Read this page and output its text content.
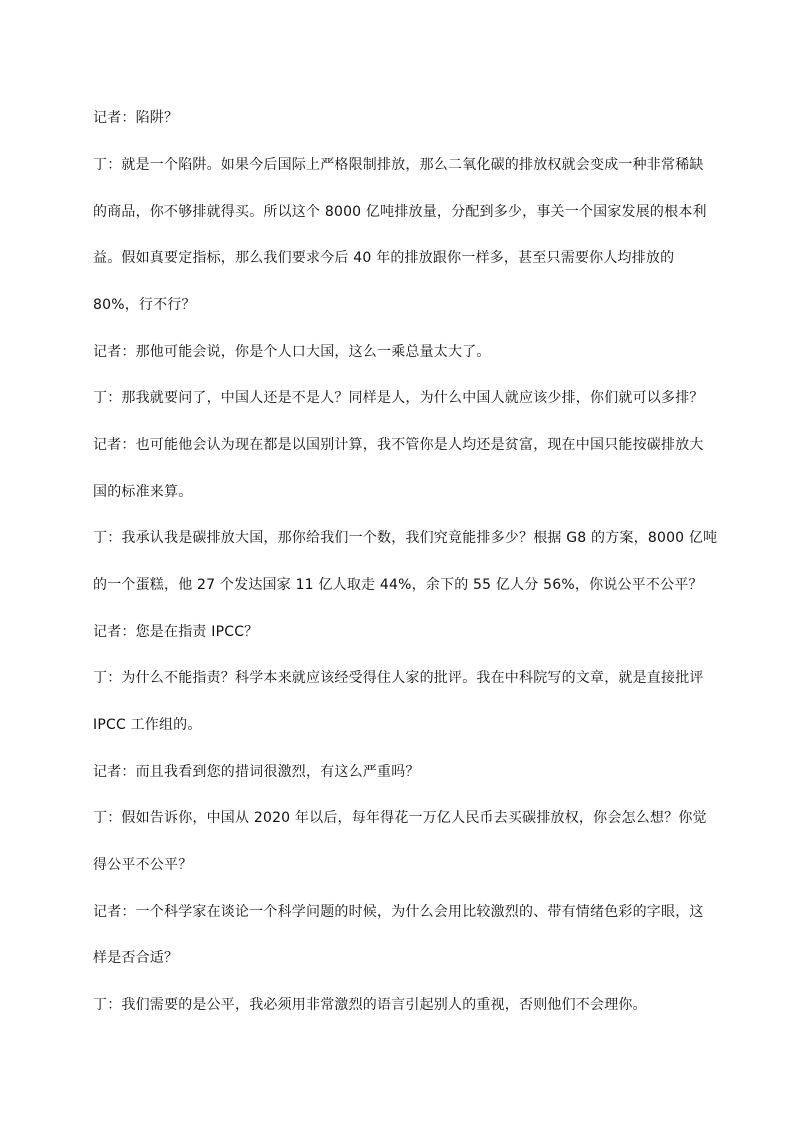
记者：陷阱？
丁：就是一个陷阱。如果今后国际上严格限制排放，那么二氧化碳的排放权就会变成一种非常稀缺
的商品，你不够排就得买。所以这个 8000 亿吨排放量，分配到多少，事关一个国家发展的根本利
益。假如真要定指标，那么我们要求今后 40 年的排放跟你一样多，甚至只需要你人均排放的
80%，行不行？
记者：那他可能会说，你是个人口大国，这么一乘总量太大了。
丁：那我就要问了，中国人还是不是人？同样是人，为什么中国人就应该少排，你们就可以多排？
记者：也可能他会认为现在都是以国别计算，我不管你是人均还是贫富，现在中国只能按碳排放大
国的标准来算。
丁：我承认我是碳排放大国，那你给我们一个数，我们究竟能排多少？根据 G8 的方案，8000 亿吨
的一个蛋糕，他 27 个发达国家 11 亿人取走 44%，余下的 55 亿人分 56%，你说公平不公平？
记者：您是在指责 IPCC？
丁：为什么不能指责？科学本来就应该经受得住人家的批评。我在中科院写的文章，就是直接批评
IPCC 工作组的。
记者：而且我看到您的措词很激烈，有这么严重吗？
丁：假如告诉你，中国从 2020 年以后，每年得花一万亿人民币去买碳排放权，你会怎么想？你觉
得公平不公平？
记者：一个科学家在谈论一个科学问题的时候，为什么会用比较激烈的、带有情绪色彩的字眼，这
样是否合适？
丁：我们需要的是公平，我必须用非常激烈的语言引起别人的重视，否则他们不会理你。
